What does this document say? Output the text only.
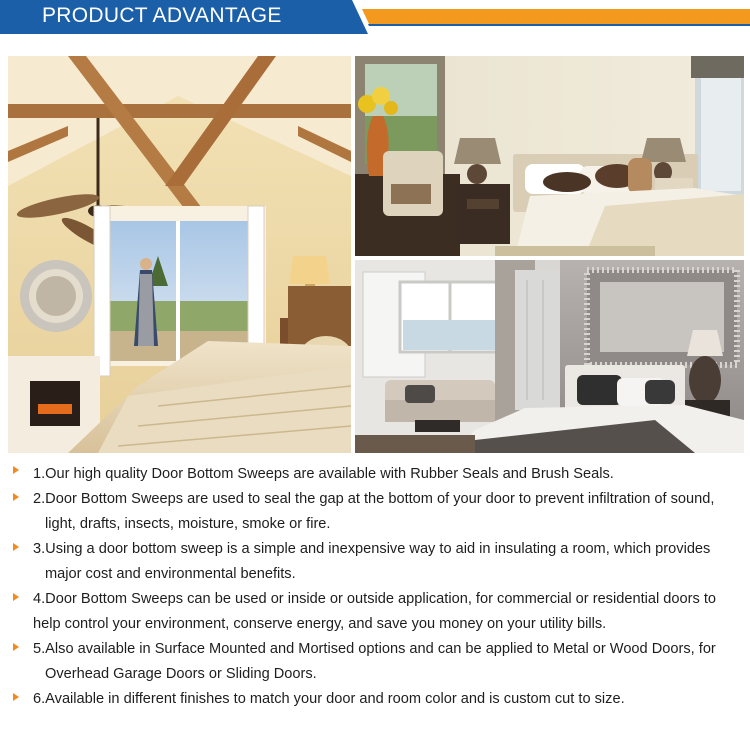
PRODUCT ADVANTAGE
1.Our high quality Door Bottom Sweeps are available with Rubber Seals and Brush Seals.
2.Door Bottom Sweeps are used to seal the gap at the bottom of your door to prevent infiltration of sound,
light, drafts, insects, moisture, smoke or fire.
3.Using a door bottom sweep is a simple and inexpensive way to aid in insulating a room, which provides
major cost and environmental benefits.
4.Door Bottom Sweeps can be used or inside or outside application, for commercial or residential doors to
help control your environment, conserve energy, and save you money on your utility bills.
5.Also available in Surface Mounted and Mortised options and can be applied to Metal or Wood Doors, for
Overhead Garage Doors or Sliding Doors.
6.Available in different finishes to match your door and room color and is custom cut to size.
